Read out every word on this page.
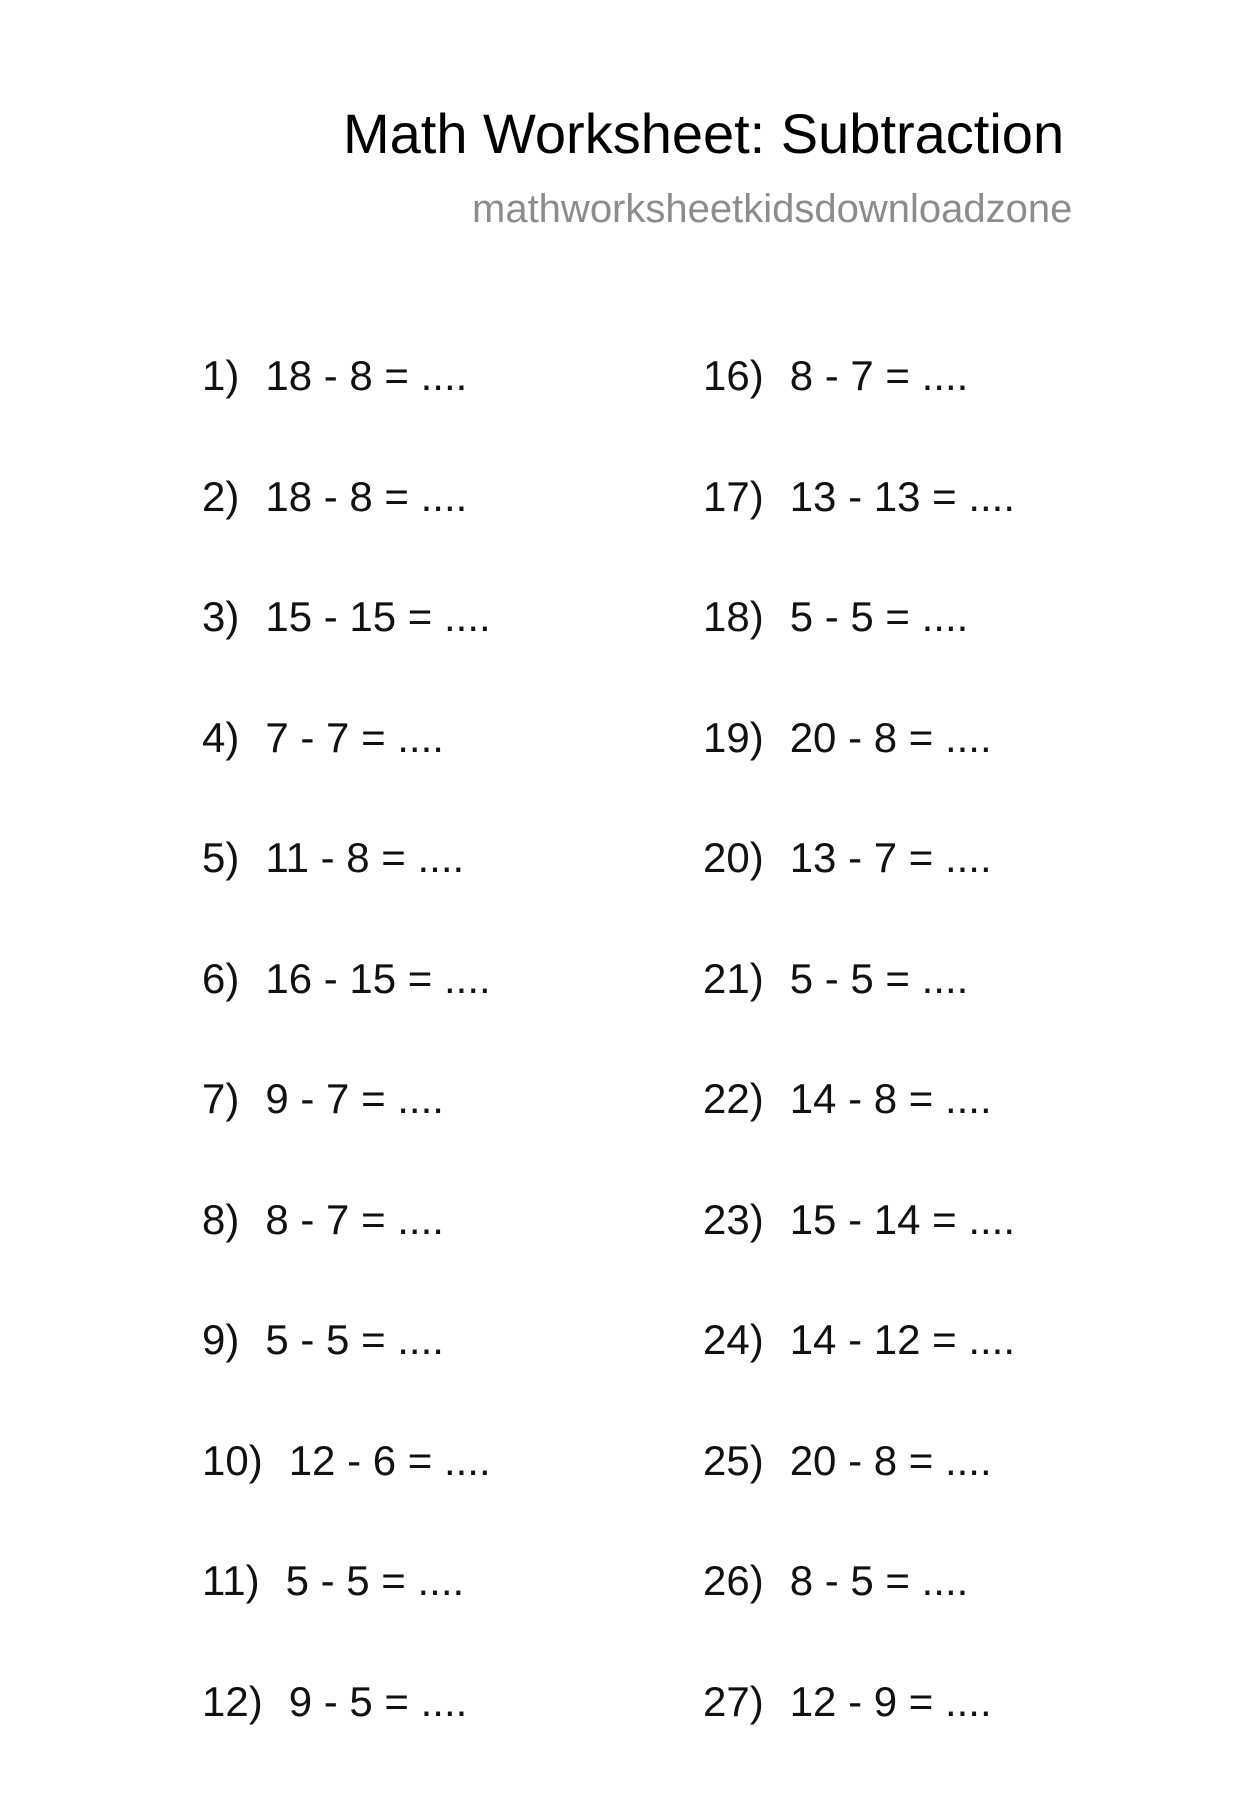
Math Worksheet: Subtraction
mathworksheetkidsdownloadzone
1) 18 - 8 = ....
2) 18 - 8 = ....
3) 15 - 15 = ....
4) 7 - 7 = ....
5) 11 - 8 = ....
6) 16 - 15 = ....
7) 9 - 7 = ....
8) 8 - 7 = ....
9) 5 - 5 = ....
10) 12 - 6 = ....
11) 5 - 5 = ....
12) 9 - 5 = ....
16) 8 - 7 = ....
17) 13 - 13 = ....
18) 5 - 5 = ....
19) 20 - 8 = ....
20) 13 - 7 = ....
21) 5 - 5 = ....
22) 14 - 8 = ....
23) 15 - 14 = ....
24) 14 - 12 = ....
25) 20 - 8 = ....
26) 8 - 5 = ....
27) 12 - 9 = ....
